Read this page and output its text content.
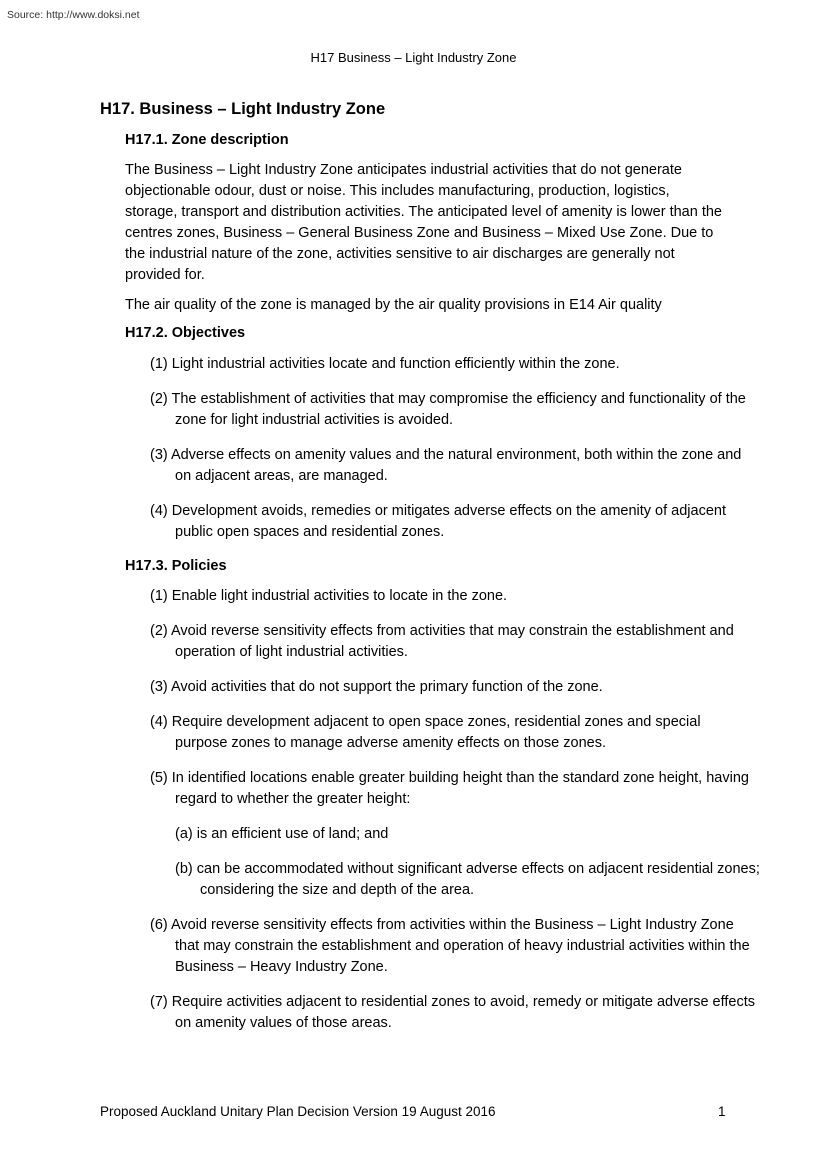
Source: http://www.doksi.net
H17 Business – Light Industry Zone
H17. Business – Light Industry Zone
H17.1. Zone description
The Business – Light Industry Zone anticipates industrial activities that do not generate objectionable odour, dust or noise. This includes manufacturing, production, logistics, storage, transport and distribution activities. The anticipated level of amenity is lower than the centres zones, Business – General Business Zone and Business – Mixed Use Zone. Due to the industrial nature of the zone, activities sensitive to air discharges are generally not provided for.
The air quality of the zone is managed by the air quality provisions in E14 Air quality
H17.2. Objectives
(1) Light industrial activities locate and function efficiently within the zone.
(2) The establishment of activities that may compromise the efficiency and functionality of the zone for light industrial activities is avoided.
(3) Adverse effects on amenity values and the natural environment, both within the zone and on adjacent areas, are managed.
(4) Development avoids, remedies or mitigates adverse effects on the amenity of adjacent public open spaces and residential zones.
H17.3. Policies
(1) Enable light industrial activities to locate in the zone.
(2) Avoid reverse sensitivity effects from activities that may constrain the establishment and operation of light industrial activities.
(3) Avoid activities that do not support the primary function of the zone.
(4) Require development adjacent to open space zones, residential zones and special purpose zones to manage adverse amenity effects on those zones.
(5) In identified locations enable greater building height than the standard zone height, having regard to whether the greater height:
(a) is an efficient use of land; and
(b) can be accommodated without significant adverse effects on adjacent residential zones; considering the size and depth of the area.
(6) Avoid reverse sensitivity effects from activities within the Business – Light Industry Zone that may constrain the establishment and operation of heavy industrial activities within the Business – Heavy Industry Zone.
(7) Require activities adjacent to residential zones to avoid, remedy or mitigate adverse effects on amenity values of those areas.
Proposed Auckland Unitary Plan Decision Version 19 August 2016	1
